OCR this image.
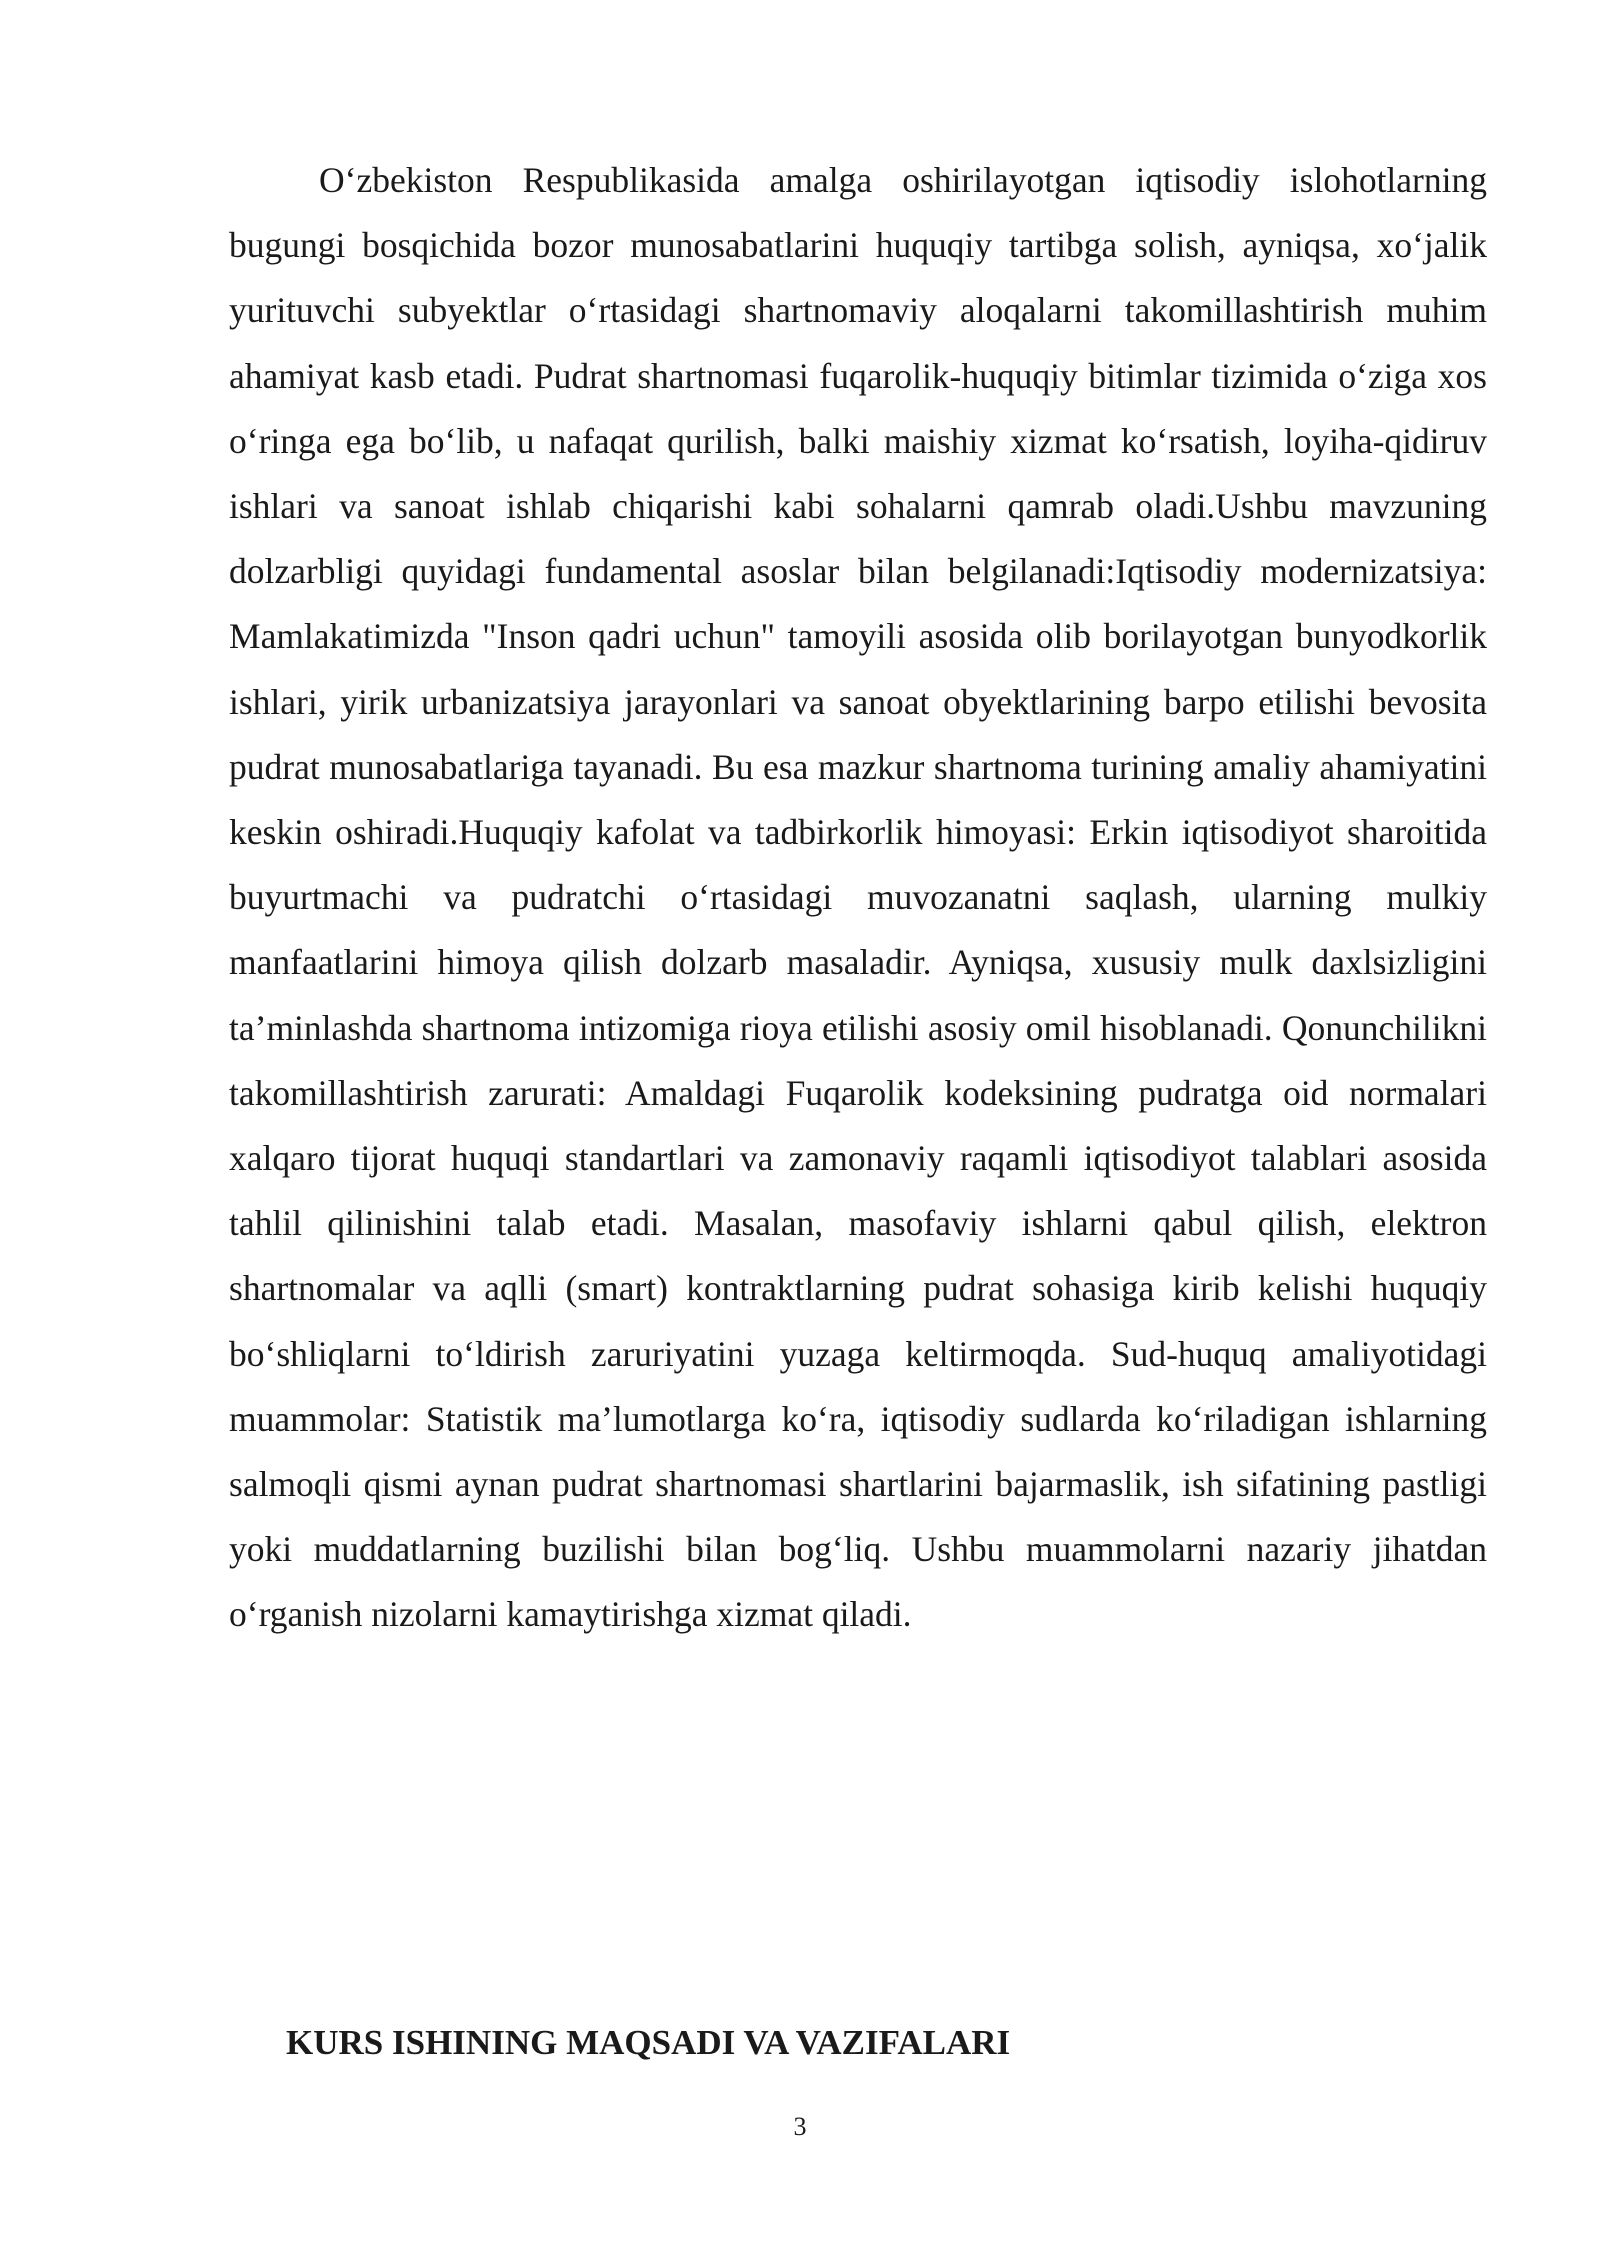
O‘zbekiston Respublikasida amalga oshirilayotgan iqtisodiy islohotlarning bugungi bosqichida bozor munosabatlarini huquqiy tartibga solish, ayniqsa, xo‘jalik yurituvchi subyektlar o‘rtasidagi shartnomaviy aloqalarni takomillashtirish muhim ahamiyat kasb etadi. Pudrat shartnomasi fuqarolik-huquqiy bitimlar tizimida o‘ziga xos o‘ringa ega bo‘lib, u nafaqat qurilish, balki maishiy xizmat ko‘rsatish, loyiha-qidiruv ishlari va sanoat ishlab chiqarishi kabi sohalarni qamrab oladi.Ushbu mavzuning dolzarbligi quyidagi fundamental asoslar bilan belgilanadi:Iqtisodiy modernizatsiya: Mamlakatimizda "Inson qadri uchun" tamoyili asosida olib borilayotgan bunyodkorlik ishlari, yirik urbanizatsiya jarayonlari va sanoat obyektlarining barpo etilishi bevosita pudrat munosabatlariga tayanadi. Bu esa mazkur shartnoma turining amaliy ahamiyatini keskin oshiradi.Huquqiy kafolat va tadbirkorlik himoyasi: Erkin iqtisodiyot sharoitida buyurtmachi va pudratchi o‘rtasidagi muvozanatni saqlash, ularning mulkiy manfaatlarini himoya qilish dolzarb masaladir. Ayniqsa, xususiy mulk daxlsizligini ta’minlashda shartnoma intizomiga rioya etilishi asosiy omil hisoblanadi. Qonunchilikni takomillashtirish zarurati: Amaldagi Fuqarolik kodeksining pudratga oid normalari xalqaro tijorat huquqi standartlari va zamonaviy raqamli iqtisodiyot talablari asosida tahlil qilinishini talab etadi. Masalan, masofaviy ishlarni qabul qilish, elektron shartnomalar va aqlli (smart) kontraktlarning pudrat sohasiga kirib kelishi huquqiy bo‘shliqlarni to‘ldirish zaruriyatini yuzaga keltirmoqda. Sud-huquq amaliyotidagi muammolar: Statistik ma’lumotlarga ko‘ra, iqtisodiy sudlarda ko‘riladigan ishlarning salmoqli qismi aynan pudrat shartnomasi shartlarini bajarmaslik, ish sifatining pastligi yoki muddatlarning buzilishi bilan bog‘liq. Ushbu muammolarni nazariy jihatdan o‘rganish nizolarni kamaytirishga xizmat qiladi.

KURS ISHINING MAQSADI VA VAZIFALARI
3
